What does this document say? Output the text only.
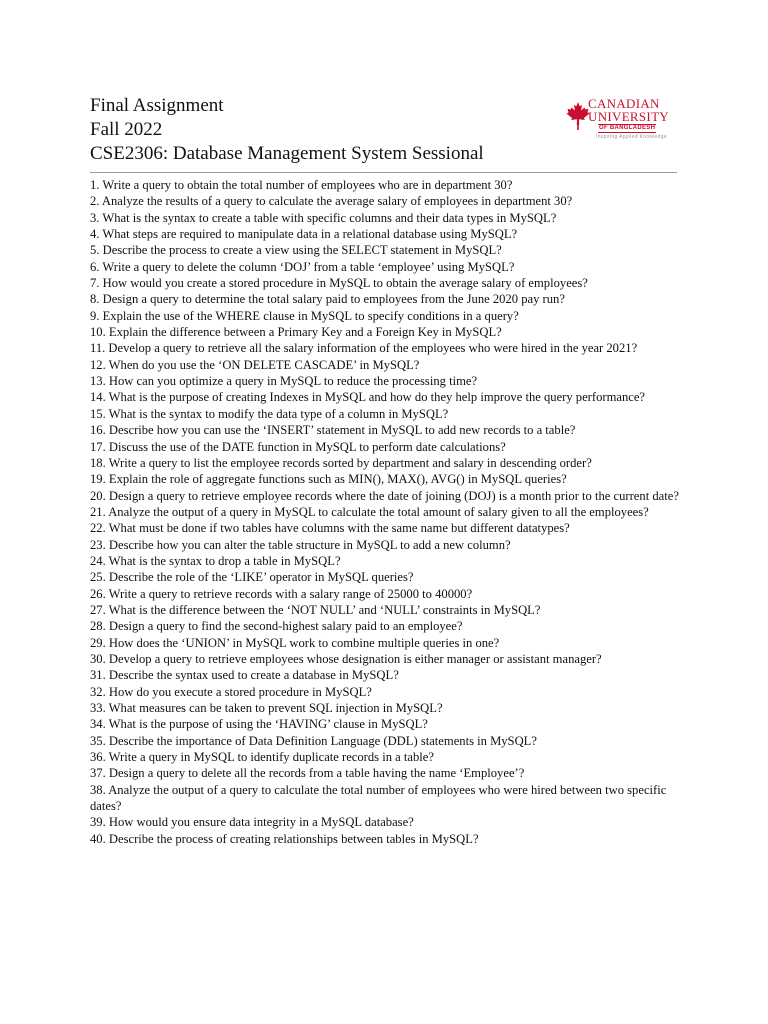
Final Assignment
Fall 2022
CSE2306: Database Management System Sessional
CANADIAN
UNIVERSITY
OF BANGLADESH
Inspiring Applied Knowledge
1. Write a query to obtain the total number of employees who are in department 30?
2. Analyze the results of a query to calculate the average salary of employees in department 30?
3. What is the syntax to create a table with specific columns and their data types in MySQL?
4. What steps are required to manipulate data in a relational database using MySQL?
5. Describe the process to create a view using the SELECT statement in MySQL?
6. Write a query to delete the column ‘DOJ’ from a table ‘employee’ using MySQL?
7. How would you create a stored procedure in MySQL to obtain the average salary of employees?
8. Design a query to determine the total salary paid to employees from the June 2020 pay run?
9. Explain the use of the WHERE clause in MySQL to specify conditions in a query?
10. Explain the difference between a Primary Key and a Foreign Key in MySQL?
11. Develop a query to retrieve all the salary information of the employees who were hired in the year 2021?
12. When do you use the ‘ON DELETE CASCADE’ in MySQL?
13. How can you optimize a query in MySQL to reduce the processing time?
14. What is the purpose of creating Indexes in MySQL and how do they help improve the query performance?
15. What is the syntax to modify the data type of a column in MySQL?
16. Describe how you can use the ‘INSERT’ statement in MySQL to add new records to a table?
17. Discuss the use of the DATE function in MySQL to perform date calculations?
18. Write a query to list the employee records sorted by department and salary in descending order?
19. Explain the role of aggregate functions such as MIN(), MAX(), AVG() in MySQL queries?
20. Design a query to retrieve employee records where the date of joining (DOJ) is a month prior to the current date?
21. Analyze the output of a query in MySQL to calculate the total amount of salary given to all the employees?
22. What must be done if two tables have columns with the same name but different datatypes?
23. Describe how you can alter the table structure in MySQL to add a new column?
24. What is the syntax to drop a table in MySQL?
25. Describe the role of the ‘LIKE’ operator in MySQL queries?
26. Write a query to retrieve records with a salary range of 25000 to 40000?
27. What is the difference between the ‘NOT NULL’ and ‘NULL’ constraints in MySQL?
28. Design a query to find the second-highest salary paid to an employee?
29. How does the ‘UNION’ in MySQL work to combine multiple queries in one?
30. Develop a query to retrieve employees whose designation is either manager or assistant manager?
31. Describe the syntax used to create a database in MySQL?
32. How do you execute a stored procedure in MySQL?
33. What measures can be taken to prevent SQL injection in MySQL?
34. What is the purpose of using the ‘HAVING’ clause in MySQL?
35. Describe the importance of Data Definition Language (DDL) statements in MySQL?
36. Write a query in MySQL to identify duplicate records in a table?
37. Design a query to delete all the records from a table having the name ‘Employee’?
38. Analyze the output of a query to calculate the total number of employees who were hired between two specific dates?
39. How would you ensure data integrity in a MySQL database?
40. Describe the process of creating relationships between tables in MySQL?
